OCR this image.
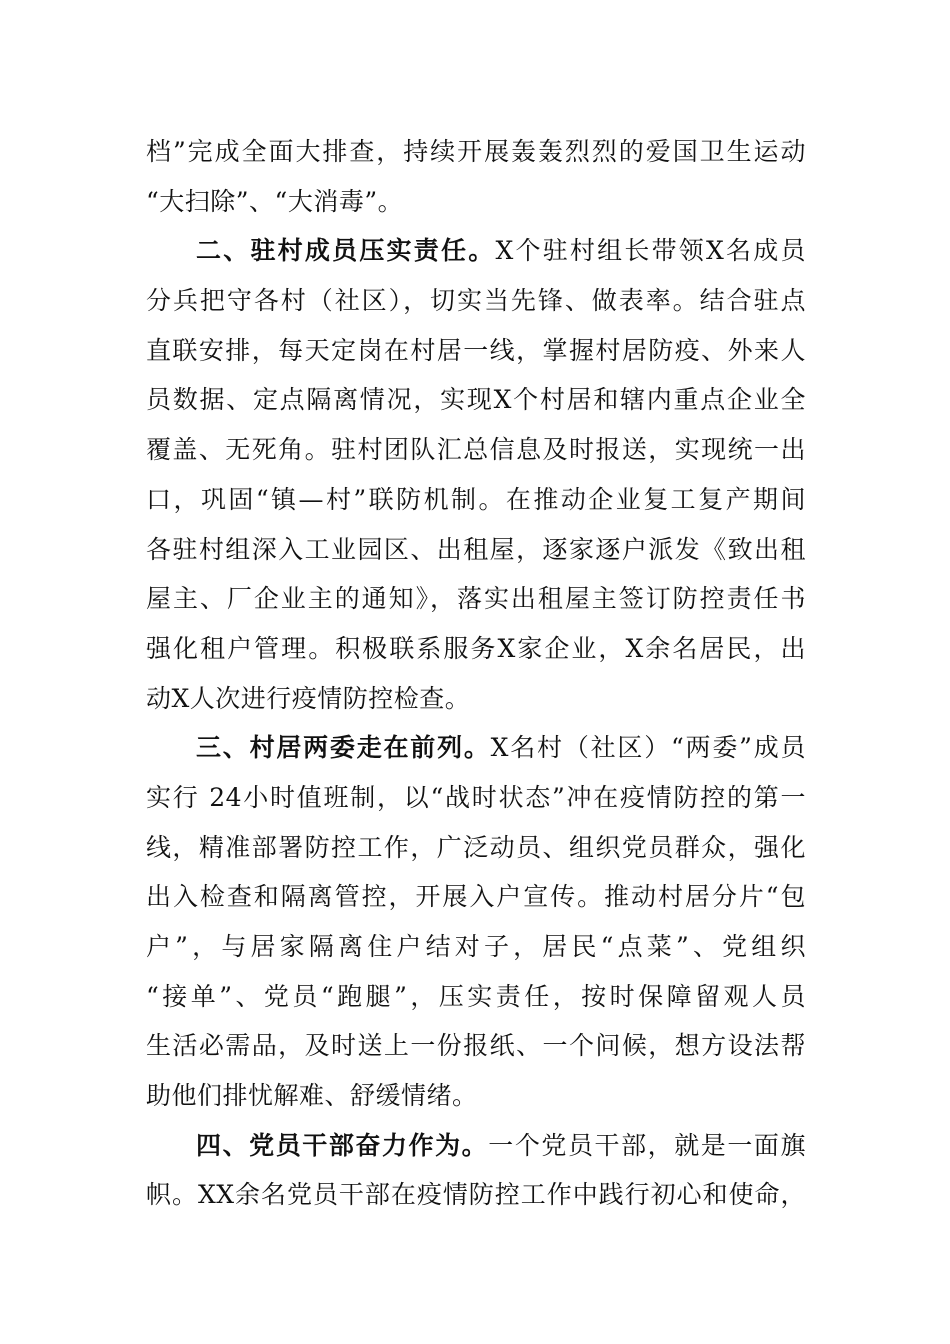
档”完成全面大排查，持续开展轰轰烈烈的爱国卫生运动
“大扫除”、“大消毒”。
二、驻村成员压实责任。X个驻村组长带领X名成员
分兵把守各村（社区），切实当先锋、做表率。结合驻点
直联安排，每天定岗在村居一线，掌握村居防疫、外来人
员数据、定点隔离情况，实现X个村居和辖内重点企业全
覆盖、无死角。驻村团队汇总信息及时报送，实现统一出
口，巩固“镇—村”联防机制。在推动企业复工复产期间
各驻村组深入工业园区、出租屋，逐家逐户派发《致出租
屋主、厂企业主的通知》，落实出租屋主签订防控责任书
强化租户管理。积极联系服务X家企业，X余名居民，出
动X人次进行疫情防控检查。
三、村居两委走在前列。X名村（社区）“两委”成员
实行 24小时值班制，以“战时状态”冲在疫情防控的第一
线，精准部署防控工作，广泛动员、组织党员群众，强化
出入检查和隔离管控，开展入户宣传。推动村居分片“包
户”，与居家隔离住户结对子，居民“点菜”、党组织
“接单”、党员“跑腿”，压实责任，按时保障留观人员
生活必需品，及时送上一份报纸、一个问候，想方设法帮
助他们排忧解难、舒缓情绪。
四、党员干部奋力作为。一个党员干部，就是一面旗
帜。XX余名党员干部在疫情防控工作中践行初心和使命，
